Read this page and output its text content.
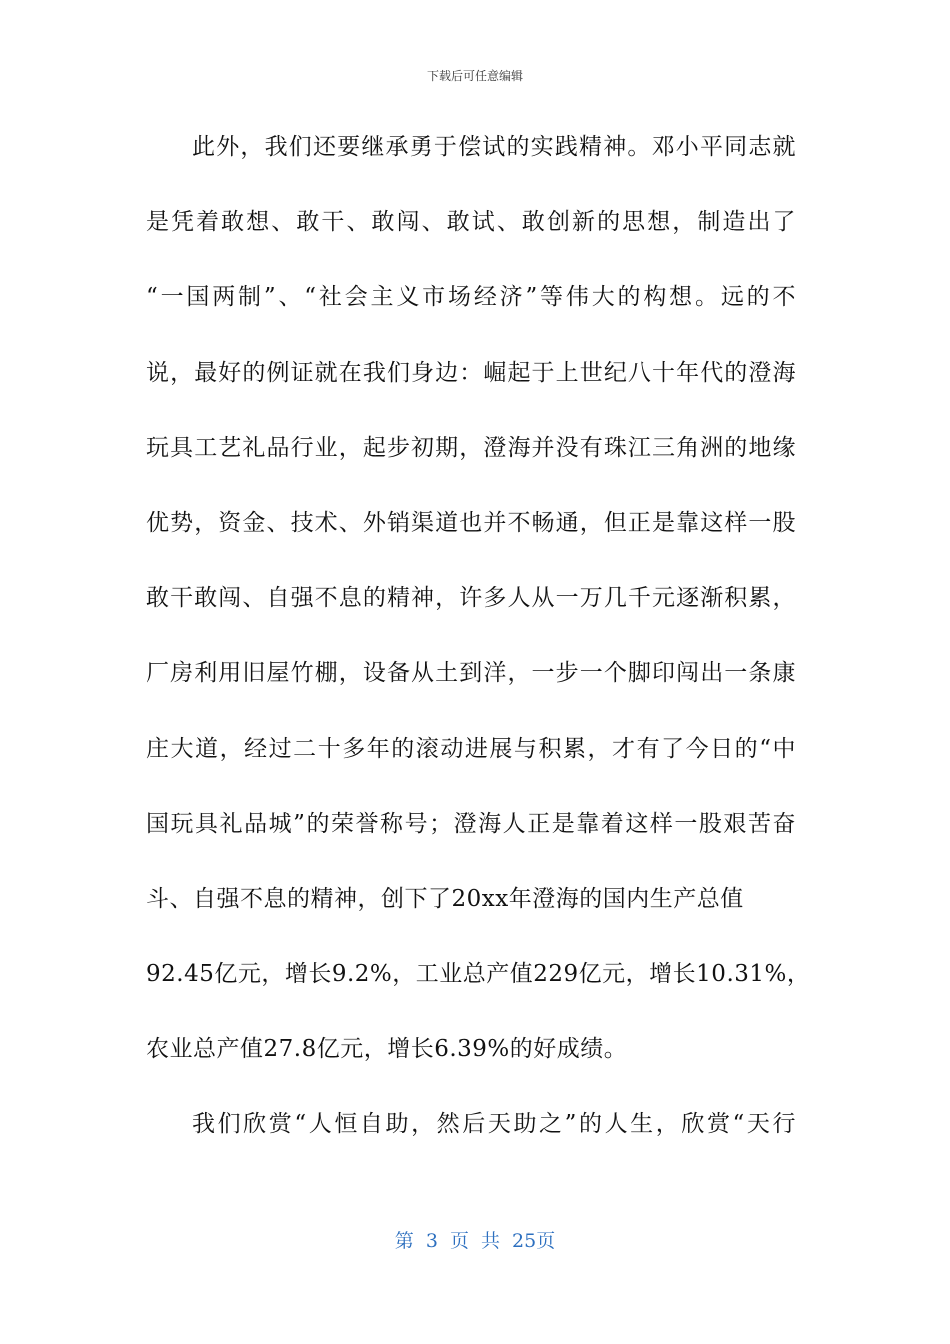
下载后可任意编辑
此外，我们还要继承勇于偿试的实践精神。邓小平同志就
是凭着敢想、敢干、敢闯、敢试、敢创新的思想，制造出了
“一国两制”、“社会主义市场经济”等伟大的构想。远的不
说，最好的例证就在我们身边：崛起于上世纪八十年代的澄海
玩具工艺礼品行业，起步初期，澄海并没有珠江三角洲的地缘
优势，资金、技术、外销渠道也并不畅通，但正是靠这样一股
敢干敢闯、自强不息的精神，许多人从一万几千元逐渐积累，
厂房利用旧屋竹棚，设备从土到洋，一步一个脚印闯出一条康
庄大道，经过二十多年的滚动进展与积累，才有了今日的“中
国玩具礼品城”的荣誉称号；澄海人正是靠着这样一股艰苦奋
斗、自强不息的精神，创下了20xx年澄海的国内生产总值
92.45亿元，增长9.2%，工业总产值229亿元，增长10.31%，
农业总产值27.8亿元，增长6.39%的好成绩。
我们欣赏“人恒自助，然后天助之”的人生，欣赏“天行
第 3 页 共 25页
